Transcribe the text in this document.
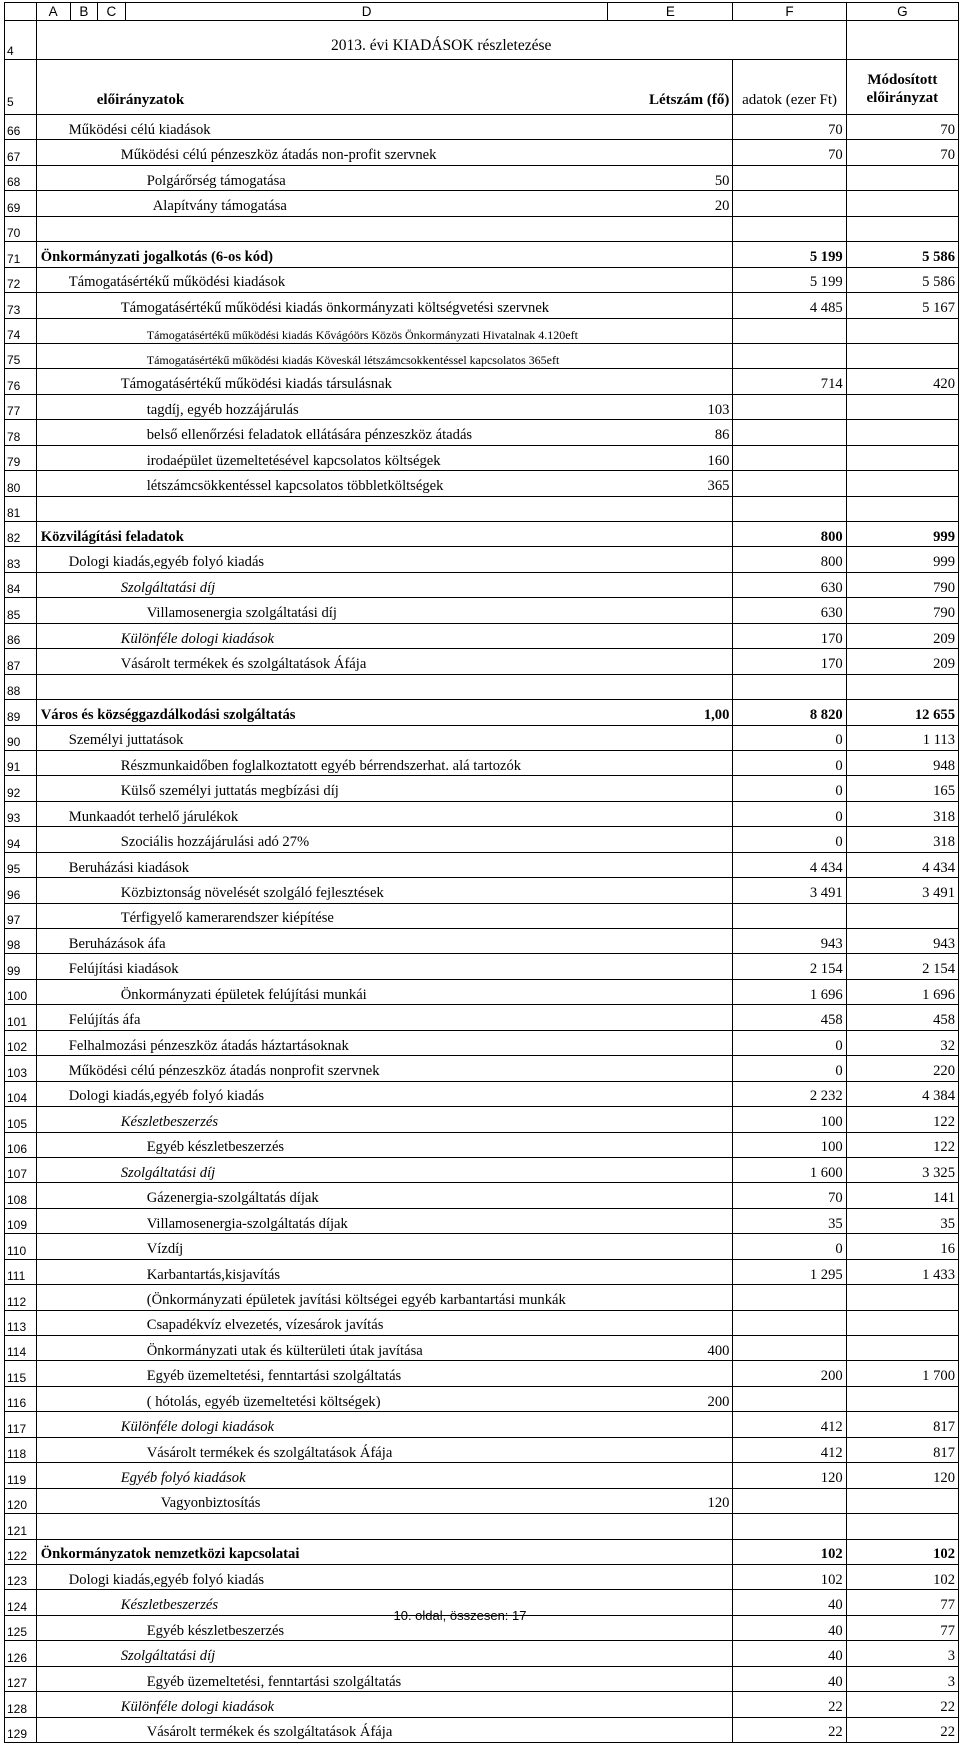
	A	B	C	D	E	F	G
4	2013. évi KIADÁSOK részletezése						
5	előirányzatok				Létszám (fő)	adatok (ezer Ft)	Módosított
előirányzat

66	Működési célú kiadások					70	70
67	Működési célú pénzeszköz átadás non-profit szervnek					70	70
68	Polgárőrség támogatása				50		
69	Alapítvány támogatása				20		
70							
71	Önkormányzati jogalkotás (6-os kód)					5 199	5 586
72	Támogatásértékű működési kiadások					5 199	5 586
73	Támogatásértékű működési kiadás önkormányzati költségvetési szervnek					4 485	5 167
74	Támogatásértékű működési kiadás Kővágóörs Közös Önkormányzati Hivatalnak 4.120eft						
75	Támogatásértékű működési kiadás Köveskál létszámcsokkentéssel kapcsolatos 365eft						
76	Támogatásértékű működési kiadás társulásnak					714	420
77	tagdíj, egyéb hozzájárulás				103		
78	belső ellenőrzési feladatok ellátására pénzeszköz átadás				86		
79	irodaépület üzemeltetésével kapcsolatos költségek				160		
80	létszámcsökkentéssel kapcsolatos többletköltségek				365		
81							
82	Közvilágítási feladatok					800	999
83	Dologi kiadás,egyéb folyó kiadás					800	999
84	Szolgáltatási díj					630	790
85	Villamosenergia szolgáltatási díj					630	790
86	Különféle dologi kiadások					170	209
87	Vásárolt termékek és szolgáltatások Áfája					170	209
88							
89	Város és községgazdálkodási szolgáltatás				1,00	8 820	12 655
90	Személyi juttatások					0	1 113
91	Részmunkaidőben foglalkoztatott egyéb bérrendszerhat. alá tartozók					0	948
92	Külső személyi juttatás megbízási díj					0	165
93	Munkaadót terhelő járulékok					0	318
94	Szociális hozzájárulási adó 27%					0	318
95	Beruházási kiadások					4 434	4 434
96	Közbiztonság növelését szolgáló fejlesztések					3 491	3 491
97	Térfigyelő kamerarendszer kiépítése						
98	Beruházások áfa					943	943
99	Felújítási kiadások					2 154	2 154
100	Önkormányzati épületek felújítási munkái					1 696	1 696
101	Felújítás áfa					458	458
102	Felhalmozási pénzeszköz átadás háztartásoknak					0	32
103	Működési célú pénzeszköz átadás nonprofit szervnek					0	220
104	Dologi kiadás,egyéb folyó kiadás					2 232	4 384
105	Készletbeszerzés					100	122
106	Egyéb készletbeszerzés					100	122
107	Szolgáltatási díj					1 600	3 325
108	Gázenergia-szolgáltatás díjak					70	141
109	Villamosenergia-szolgáltatás díjak					35	35
110	Vízdíj					0	16
111	Karbantartás,kisjavítás					1 295	1 433
112	(Önkormányzati épületek javítási költségei egyéb karbantartási munkák						
113	Csapadékvíz elvezetés, vízesárok javítás						
114	Önkormányzati utak és külterületi útak javítása				400		
115	Egyéb üzemeltetési, fenntartási szolgáltatás					200	1 700
116	( hótolás, egyéb üzemeltetési költségek)				200		
117	Különféle dologi kiadások					412	817
118	Vásárolt termékek és szolgáltatások Áfája					412	817
119	Egyéb folyó kiadások					120	120
120	Vagyonbiztosítás				120		
121							
122	Önkormányzatok nemzetközi kapcsolatai					102	102
123	Dologi kiadás,egyéb folyó kiadás					102	102
124	Készletbeszerzés					40	77
125	Egyéb készletbeszerzés					40	77
126	Szolgáltatási díj					40	3
127	Egyéb üzemeltetési, fenntartási szolgáltatás					40	3
128	Különféle dologi kiadások					22	22
129	Vásárolt termékek és szolgáltatások Áfája					22	22
10. oldal, összesen: 17
